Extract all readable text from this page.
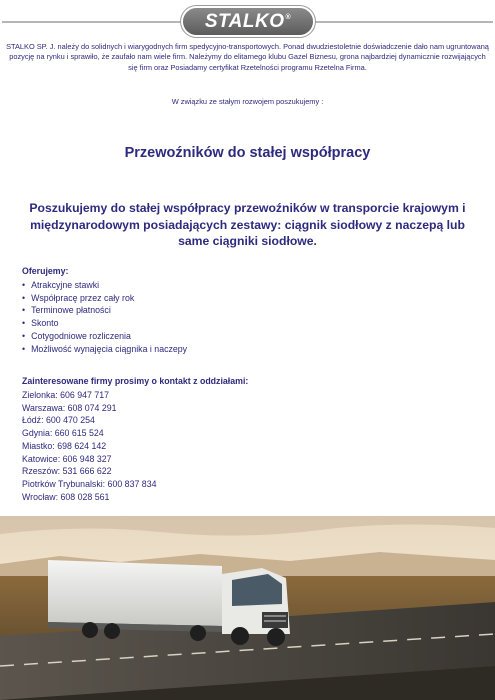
STALKO®
STALKO SP. J. należy do solidnych i wiarygodnych firm spedycyjno-transportowych. Ponad dwudziestoletnie doświadczenie dało nam ugruntowaną pozycję na rynku i sprawiło, że zaufało nam wiele firm. Należymy do elitarnego klubu Gazel Biznesu, grona najbardziej dynamicznie rozwijających się firm oraz Posiadamy certyfikat Rzetelności programu Rzetelna Firma.
W związku ze stałym rozwojem poszukujemy :
Przewoźników do stałej współpracy
Poszukujemy do stałej współpracy przewoźników w transporcie krajowym i międzynarodowym posiadających zestawy: ciągnik siodłowy z naczepą lub same ciągniki siodłowe.
Oferujemy:
• Atrakcyjne stawki
• Współpracę przez cały rok
• Terminowe płatności
• Skonto
• Cotygodniowe rozliczenia
• Możliwość wynajęcia ciągnika i naczepy
Zainteresowane firmy prosimy o kontakt z oddziałami:
Zielonka: 606 947 717
Warszawa: 608 074 291
Łódź: 600 470 254
Gdynia: 660 615 524
Miastko: 698 624 142
Katowice: 606 948 327
Rzeszów: 531 666 622
Piotrków Trybunalski: 600 837 834
Wrocław: 608 028 561
